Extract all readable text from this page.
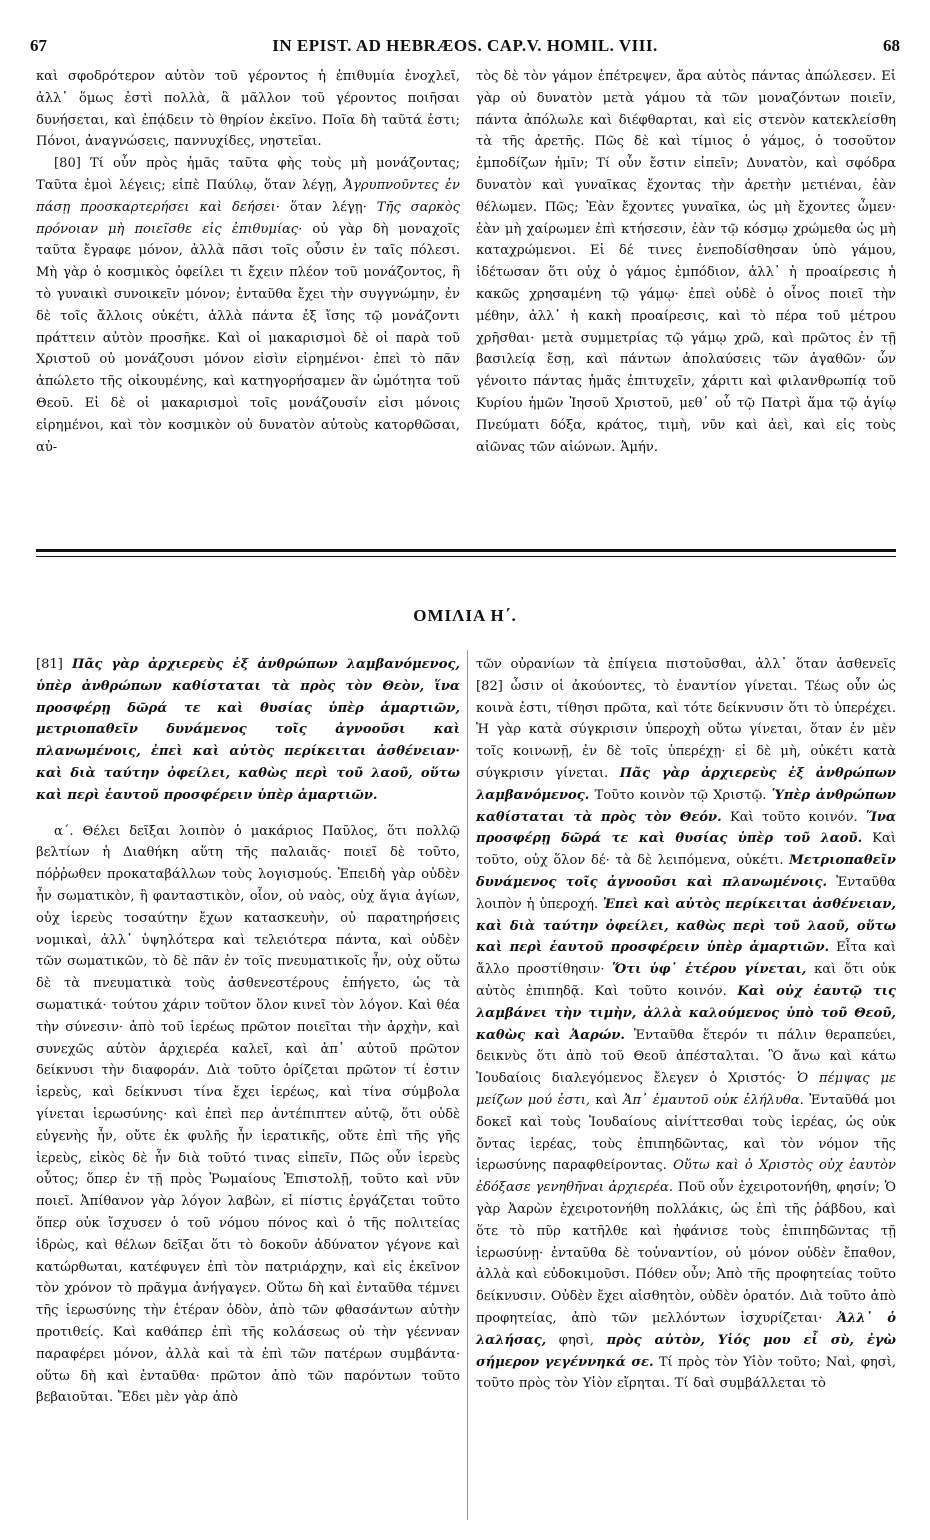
67	IN EPIST. AD HEBRÆOS. CAP.V. HOMIL. VIII.	68

καὶ σφοδρότερον αὐτὸν τοῦ γέροντος ἡ ἐπιθυμία ἐνοχλεῖ, ἀλλ᾿ ὅμως ἐστὶ πολλὰ, ἃ μᾶλλον τοῦ γέροντος ποιῆσαι δυνήσεται, καὶ ἐπᾴδειν τὸ θηρίον ἐκεῖνο. Ποῖα δὴ ταῦτά ἐστι; Πόνοι, ἀναγνώσεις, παννυχίδες, νηστεῖαι.

[80] Τί οὖν πρὸς ἡμᾶς ταῦτα φὴς τοὺς μὴ μονάζοντας; Ταῦτα ἐμοὶ λέγεις; εἰπὲ Παύλῳ, ὅταν λέγῃ, Ἀγρυπνοῦντες ἐν πάσῃ προσκαρτερήσει καὶ δεήσει· ὅταν λέγῃ· Τῆς σαρκὸς πρόνοιαν μὴ ποιεῖσθε εἰς ἐπιθυμίας· οὐ γὰρ δὴ μοναχοῖς ταῦτα ἔγραφε μόνον, ἀλλὰ πᾶσι τοῖς οὖσιν ἐν ταῖς πόλεσι. Μὴ γὰρ ὁ κοσμικὸς ὀφείλει τι ἔχειν πλέον τοῦ μονάζοντος, ἢ τὸ γυναικὶ συνοικεῖν μόνον; ἐνταῦθα ἔχει τὴν συγγνώμην, ἐν δὲ τοῖς ἄλλοις οὐκέτι, ἀλλὰ πάντα ἐξ ἴσης τῷ μονάζοντι πράττειν αὐτὸν προσῆκε. Καὶ οἱ μακαρισμοὶ δὲ οἱ παρὰ τοῦ Χριστοῦ οὐ μονάζουσι μόνον εἰσὶν εἰρημένοι· ἐπεὶ τὸ πᾶν ἀπώλετο τῆς οἰκουμένης, καὶ κατηγορήσαμεν ἂν ὠμότητα τοῦ Θεοῦ. Εἰ δὲ οἱ μακαρισμοὶ τοῖς μονάζουσίν εἰσι μόνοις εἰρημένοι, καὶ τὸν κοσμικὸν οὐ δυνατὸν αὐτοὺς κατορθῶσαι, αὐ-

τὸς δὲ τὸν γάμον ἐπέτρεψεν, ἄρα αὐτὸς πάντας ἀπώλεσεν. Εἰ γὰρ οὐ δυνατὸν μετὰ γάμου τὰ τῶν μοναζόντων ποιεῖν, πάντα ἀπόλωλε καὶ διέφθαρται, καὶ εἰς στενὸν κατεκλείσθη τὰ τῆς ἀρετῆς. Πῶς δὲ καὶ τίμιος ὁ γάμος, ὁ τοσοῦτον ἐμποδίζων ἡμῖν; Τί οὖν ἔστιν εἰπεῖν; Δυνατὸν, καὶ σφόδρα δυνατὸν καὶ γυναῖκας ἔχοντας τὴν ἀρετὴν μετιέναι, ἐὰν θέλωμεν. Πῶς; Ἐὰν ἔχοντες γυναῖκα, ὡς μὴ ἔχοντες ὦμεν· ἐὰν μὴ χαίρωμεν ἐπὶ κτήσεσιν, ἐὰν τῷ κόσμῳ χρώμεθα ὡς μὴ καταχρώμενοι. Εἰ δέ τινες ἐνεποδίσθησαν ὑπὸ γάμου, ἰδέτωσαν ὅτι οὐχ ὁ γάμος ἐμπόδιον, ἀλλ᾿ ἡ προαίρεσις ἡ κακῶς χρησαμένη τῷ γάμῳ· ἐπεὶ οὐδὲ ὁ οἶνος ποιεῖ τὴν μέθην, ἀλλ᾿ ἡ κακὴ προαίρεσις, καὶ τὸ πέρα τοῦ μέτρου χρῆσθαι· μετὰ συμμετρίας τῷ γάμῳ χρῶ, καὶ πρῶτος ἐν τῇ βασιλείᾳ ἔσῃ, καὶ πάντων ἀπολαύσεις τῶν ἀγαθῶν· ὧν γένοιτο πάντας ἡμᾶς ἐπιτυχεῖν, χάριτι καὶ φιλανθρωπίᾳ τοῦ Κυρίου ἡμῶν Ἰησοῦ Χριστοῦ, μεθ᾿ οὗ τῷ Πατρὶ ἅμα τῷ ἁγίῳ Πνεύματι δόξα, κράτος, τιμὴ, νῦν καὶ ἀεὶ, καὶ εἰς τοὺς αἰῶνας τῶν αἰώνων. Ἀμήν.

ΟΜΙΛΙΑ Η΄.

[81] Πᾶς γὰρ ἀρχιερεὺς ἐξ ἀνθρώπων λαμβανόμενος, ὑπὲρ ἀνθρώπων καθίσταται τὰ πρὸς τὸν Θεὸν, ἵνα προσφέρῃ δῶρά τε καὶ θυσίας ὑπὲρ ἁμαρτιῶν, μετριοπαθεῖν δυνάμενος τοῖς ἀγνοοῦσι καὶ πλανωμένοις, ἐπεὶ καὶ αὐτὸς περίκειται ἀσθένειαν· καὶ διὰ ταύτην ὀφείλει, καθὼς περὶ τοῦ λαοῦ, οὕτω καὶ περὶ ἑαυτοῦ προσφέρειν ὑπὲρ ἁμαρτιῶν.

α΄. Θέλει δεῖξαι λοιπὸν ὁ μακάριος Παῦλος, ὅτι πολλῷ βελτίων ἡ Διαθήκη αὕτη τῆς παλαιᾶς· ποιεῖ δὲ τοῦτο, πόῤῥωθεν προκαταβάλλων τοὺς λογισμούς. Ἐπειδὴ γὰρ οὐδὲν ἦν σωματικὸν, ἢ φανταστικὸν, οἷον, οὐ ναὸς, οὐχ ἅγια ἁγίων, οὐχ ἱερεὺς τοσαύτην ἔχων κατασκευὴν, οὐ παρατηρήσεις νομικαὶ, ἀλλ᾿ ὑψηλότερα καὶ τελειότερα πάντα, καὶ οὐδὲν τῶν σωματικῶν, τὸ δὲ πᾶν ἐν τοῖς πνευματικοῖς ἦν, οὐχ οὕτω δὲ τὰ πνευματικὰ τοὺς ἀσθενεστέρους ἐπήγετο, ὡς τὰ σωματικά· τούτου χάριν τοῦτον ὅλον κινεῖ τὸν λόγον. Καὶ θέα τὴν σύνεσιν· ἀπὸ τοῦ ἱερέως πρῶτον ποιεῖται τὴν ἀρχὴν, καὶ συνεχῶς αὐτὸν ἀρχιερέα καλεῖ, καὶ ἀπ᾿ αὐτοῦ πρῶτον δείκνυσι τὴν διαφοράν. Διὰ τοῦτο ὁρίζεται πρῶτον τί ἐστιν ἱερεὺς, καὶ δείκνυσι τίνα ἔχει ἱερέως, καὶ τίνα σύμβολα γίνεται ἱερωσύνης· καὶ ἐπεὶ περ ἀντέπιπτεν αὐτῷ, ὅτι οὐδὲ εὐγενὴς ἦν, οὔτε ἐκ φυλῆς ἦν ἱερατικῆς, οὔτε ἐπὶ τῆς γῆς ἱερεὺς, εἰκὸς δὲ ἦν διὰ τοῦτό τινας εἰπεῖν, Πῶς οὖν ἱερεὺς οὗτος; ὅπερ ἐν τῇ πρὸς Ῥωμαίους Ἐπιστολῇ, τοῦτο καὶ νῦν ποιεῖ. Ἀπίθανον γὰρ λόγον λαβὼν, εἰ πίστις ἐργάζεται τοῦτο ὅπερ οὐκ ἴσχυσεν ὁ τοῦ νόμου πόνος καὶ ὁ τῆς πολιτείας ἱδρὼς, καὶ θέλων δεῖξαι ὅτι τὸ δοκοῦν ἀδύνατον γέγονε καὶ κατώρθωται, κατέφυγεν ἐπὶ τὸν πατριάρχην, καὶ εἰς ἐκεῖνον τὸν χρόνον τὸ πρᾶγμα ἀνήγαγεν. Οὕτω δὴ καὶ ἐνταῦθα τέμνει τῆς ἱερωσύνης τὴν ἑτέραν ὁδὸν, ἀπὸ τῶν φθασάντων αὐτὴν προτιθείς. Καὶ καθάπερ ἐπὶ τῆς κολάσεως οὐ τὴν γέενναν παραφέρει μόνον, ἀλλὰ καὶ τὰ ἐπὶ τῶν πατέρων συμβάντα· οὕτω δὴ καὶ ἐνταῦθα· πρῶτον ἀπὸ τῶν παρόντων τοῦτο βεβαιοῦται. Ἔδει μὲν γὰρ ἀπὸ

τῶν οὐρανίων τὰ ἐπίγεια πιστοῦσθαι, ἀλλ᾿ ὅταν ἀσθενεῖς [82] ὦσιν οἱ ἀκούοντες, τὸ ἐναντίον γίνεται. Τέως οὖν ὡς κοινὰ ἐστι, τίθησι πρῶτα, καὶ τότε δείκνυσιν ὅτι τὸ ὑπερέχει. Ἡ γὰρ κατὰ σύγκρισιν ὑπεροχὴ οὕτω γίνεται, ὅταν ἐν μὲν τοῖς κοινωνῇ, ἐν δὲ τοῖς ὑπερέχῃ· εἰ δὲ μὴ, οὐκέτι κατὰ σύγκρισιν γίνεται. Πᾶς γὰρ ἀρχιερεὺς ἐξ ἀνθρώπων λαμβανόμενος. Τοῦτο κοινὸν τῷ Χριστῷ. Ὑπὲρ ἀνθρώπων καθίσταται τὰ πρὸς τὸν Θεόν. Καὶ τοῦτο κοινόν. Ἵνα προσφέρῃ δῶρά τε καὶ θυσίας ὑπὲρ τοῦ λαοῦ. Καὶ τοῦτο, οὐχ ὅλον δέ· τὰ δὲ λειπόμενα, οὐκέτι. Μετριοπαθεῖν δυνάμενος τοῖς ἀγνοοῦσι καὶ πλανωμένοις. Ἐνταῦθα λοιπὸν ἡ ὑπεροχή. Ἐπεὶ καὶ αὐτὸς περίκειται ἀσθένειαν, καὶ διὰ ταύτην ὀφείλει, καθὼς περὶ τοῦ λαοῦ, οὕτω καὶ περὶ ἑαυτοῦ προσφέρειν ὑπὲρ ἁμαρτιῶν. Εἶτα καὶ ἄλλο προστίθησιν· Ὅτι ὑφ᾿ ἑτέρου γίνεται, καὶ ὅτι οὐκ αὐτὸς ἐπιπηδᾷ. Καὶ τοῦτο κοινόν. Καὶ οὐχ ἑαυτῷ τις λαμβάνει τὴν τιμὴν, ἀλλὰ καλούμενος ὑπὸ τοῦ Θεοῦ, καθὼς καὶ Ἀαρών. Ἐνταῦθα ἕτερόν τι πάλιν θεραπεύει, δεικνὺς ὅτι ἀπὸ τοῦ Θεοῦ ἀπέσταλται. Ὃ ἄνω καὶ κάτω Ἰουδαίοις διαλεγόμενος ἔλεγεν ὁ Χριστός· Ὁ πέμψας με μείζων μού ἐστι, καὶ Ἀπ᾿ ἐμαυτοῦ οὐκ ἐλήλυθα. Ἐνταῦθά μοι δοκεῖ καὶ τοὺς Ἰουδαίους αἰνίττεσθαι τοὺς ἱερέας, ὡς οὐκ ὄντας ἱερέας, τοὺς ἐπιπηδῶντας, καὶ τὸν νόμον τῆς ἱερωσύνης παραφθείροντας. Οὕτω καὶ ὁ Χριστὸς οὐχ ἑαυτὸν ἐδόξασε γενηθῆναι ἀρχιερέα. Ποῦ οὖν ἐχειροτονήθη, φησίν; Ὁ γὰρ Ἀαρὼν ἐχειροτονήθη πολλάκις, ὡς ἐπὶ τῆς ῥάβδου, καὶ ὅτε τὸ πῦρ κατῆλθε καὶ ἠφάνισε τοὺς ἐπιπηδῶντας τῇ ἱερωσύνῃ· ἐνταῦθα δὲ τοὐναντίον, οὐ μόνον οὐδὲν ἔπαθον, ἀλλὰ καὶ εὐδοκιμοῦσι. Πόθεν οὖν; Ἀπὸ τῆς προφητείας τοῦτο δείκνυσιν. Οὐδὲν ἔχει αἰσθητὸν, οὐδὲν ὁρατόν. Διὰ τοῦτο ἀπὸ προφητείας, ἀπὸ τῶν μελλόντων ἰσχυρίζεται· Ἀλλ᾿ ὁ λαλήσας, φησὶ, πρὸς αὐτὸν, Υἱός μου εἶ σὺ, ἐγὼ σήμερον γεγέννηκά σε. Τί πρὸς τὸν Υἱὸν τοῦτο; Ναὶ, φησὶ, τοῦτο πρὸς τὸν Υἱὸν εἴρηται. Τί δαὶ συμβάλλεται τὸ
